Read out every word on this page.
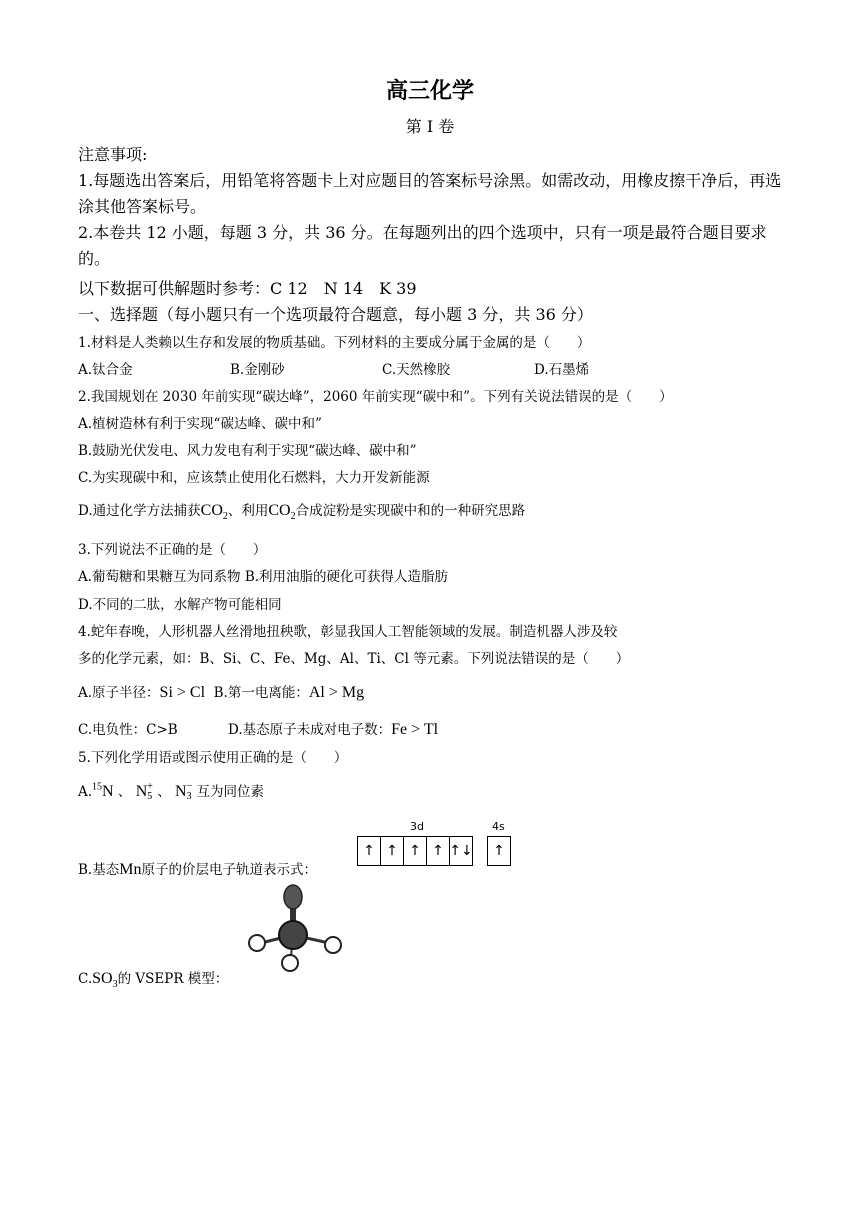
高三化学
第 I 卷
注意事项:
1.每题选出答案后，用铅笔将答题卡上对应题目的答案标号涂黑。如需改动，用橡皮擦干净后，再选涂其他答案标号。
2.本卷共 12 小题，每题 3 分，共 36 分。在每题列出的四个选项中，只有一项是最符合题目要求的。
以下数据可供解题时参考：C 12　N 14　K 39
一、选择题（每小题只有一个选项最符合题意，每小题 3 分，共 36 分）
1.材料是人类赖以生存和发展的物质基础。下列材料的主要成分属于金属的是（　　）
A.钛合金	B.金刚砂	C.天然橡胶	D.石墨烯
2.我国规划在 2030 年前实现“碳达峰”，2060 年前实现“碳中和”。下列有关说法错误的是（　　）
A.植树造林有利于实现“碳达峰、碳中和”
B.鼓励光伏发电、风力发电有利于实现“碳达峰、碳中和”
C.为实现碳中和，应该禁止使用化石燃料，大力开发新能源
D.通过化学方法捕获$CO_2$、利用$CO_2$合成淀粉是实现碳中和的一种研究思路
3.下列说法不正确的是（　　）
A.葡萄糖和果糖互为同系物 B.利用油脂的硬化可获得人造脂肪
D.不同的二肽，水解产物可能相同
4.蛇年春晚，人形机器人丝滑地扭秧歌，彰显我国人工智能领域的发展。制造机器人涉及较
多的化学元素，如：B、Si、C、Fe、Mg、Al、Ti、Cl 等元素。下列说法错误的是（　　）
A.原子半径：Si > Cl B.第一电离能：Al > Mg
C.电负性：C>B	D.基态原子未成对电子数：Fe > Tl
5.下列化学用语或图示使用正确的是（　　）
A.$^{15}$N 、 N +
5 、 N −
3 互为同位素
3d	4s
↑ ↑ ↑ ↑ ↑↓	↑
B.基态Mn原子的价层电子轨道表示式：
$C.SO_3$的 VSEPR 模型：
